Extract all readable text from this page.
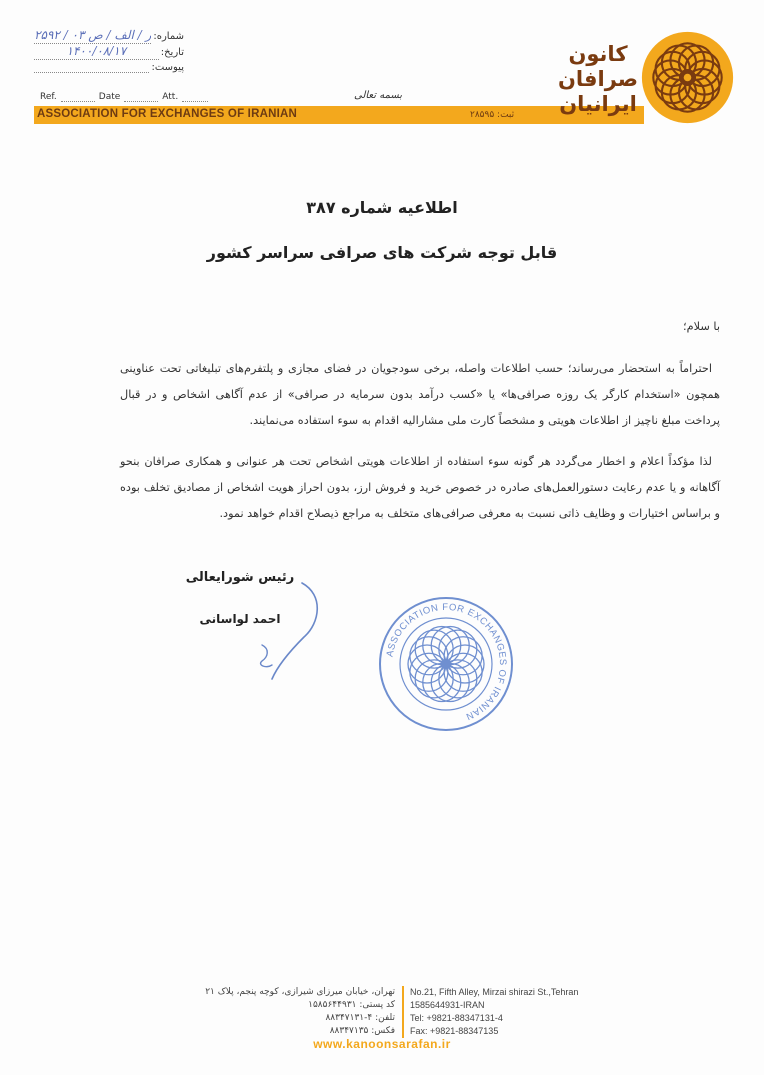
شماره:
۲۵۹۲ / ر / الف / ص ۰۳
تاریخ:
۱۴۰۰/۰۸/۱۷
پیوست:
Ref.	Date	Att.	بسمه تعالی
ASSOCIATION FOR EXCHANGES OF IRANIAN	ثبت: ۲۸۵۹۵
کانون
صرافان
ایرانیان
اطلاعیه شماره ۳۸۷
قابل توجه شرکت های صرافی سراسر کشور

با سلام؛

احتراماً به استحضار می‌رساند؛ حسب اطلاعات واصله، برخی سودجویان در فضای مجازی و پلتفرم‌های تبلیغاتی تحت عناوینی همچون «استخدام کارگر یک روزه صرافی‌ها» یا «کسب درآمد بدون سرمایه در صرافی» از عدم آگاهی اشخاص و در قبال پرداخت مبلغ ناچیز از اطلاعات هویتی و مشخصاً کارت ملی مشارالیه اقدام به سوء استفاده می‌نمایند.

لذا مؤکداً اعلام و اخطار می‌گردد هر گونه سوء استفاده از اطلاعات هویتی اشخاص تحت هر عنوانی و همکاری صرافان بنحو آگاهانه و یا عدم رعایت دستورالعمل‌های صادره در خصوص خرید و فروش ارز، بدون احراز هویت اشخاص از مصادیق تخلف بوده و براساس اختیارات و وظایف ذاتی نسبت به معرفی صرافی‌های متخلف به مراجع ذیصلاح اقدام خواهد نمود.

رئیس شورایعالی
احمد لواسانی
ASSOCIATION FOR EXCHANGES OF IRANIAN
تهران، خیابان میرزای شیرازی، کوچه پنجم، پلاک ۲۱
کد پستی: ۱۵۸۵۶۴۴۹۳۱
تلفن: ۴-۸۸۳۴۷۱۳۱
فکس: ۸۸۳۴۷۱۳۵
No.21, Fifth Alley, Mirzai shirazi St.,Tehran
1585644931-IRAN
Tel: +9821-88347131-4
Fax: +9821-88347135
www.kanoonsarafan.ir
